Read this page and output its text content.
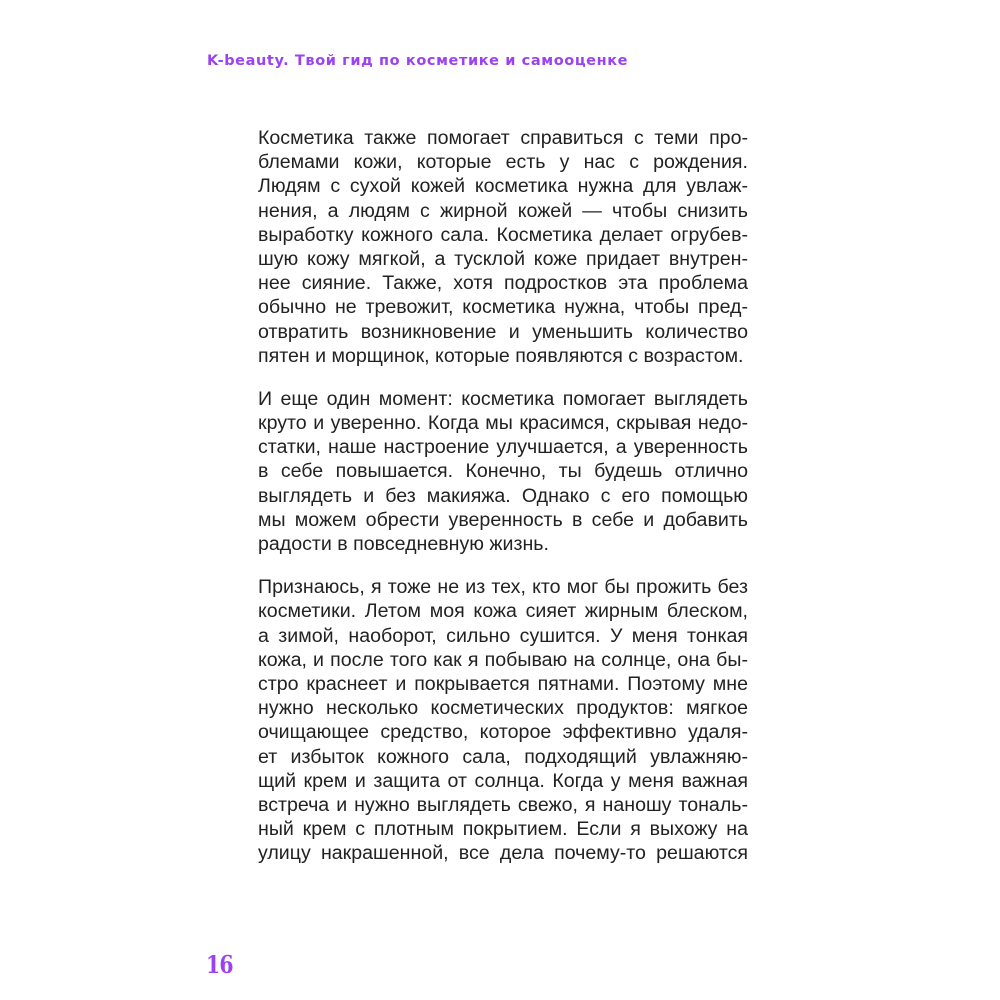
K-beauty. Твой гид по косметике и самооценке
Косметика также помогает справиться с теми про-
блемами кожи, которые есть у нас с рождения.
Людям с сухой кожей косметика нужна для увлаж-
нения, а людям с жирной кожей — чтобы снизить
выработку кожного сала. Косметика делает огрубев-
шую кожу мягкой, а тусклой коже придает внутрен-
нее сияние. Также, хотя подростков эта проблема
обычно не тревожит, косметика нужна, чтобы пред-
отвратить возникновение и уменьшить количество
пятен и морщинок, которые появляются с возрастом.
И еще один момент: косметика помогает выглядеть
круто и уверенно. Когда мы красимся, скрывая недо-
статки, наше настроение улучшается, а уверенность
в себе повышается. Конечно, ты будешь отлично
выглядеть и без макияжа. Однако с его помощью
мы можем обрести уверенность в себе и добавить
радости в повседневную жизнь.
Признаюсь, я тоже не из тех, кто мог бы прожить без
косметики. Летом моя кожа сияет жирным блеском,
а зимой, наоборот, сильно сушится. У меня тонкая
кожа, и после того как я побываю на солнце, она бы-
стро краснеет и покрывается пятнами. Поэтому мне
нужно несколько косметических продуктов: мягкое
очищающее средство, которое эффективно удаля-
ет избыток кожного сала, подходящий увлажняю-
щий крем и защита от солнца. Когда у меня важная
встреча и нужно выглядеть свежо, я наношу тональ-
ный крем с плотным покрытием. Если я выхожу на
улицу накрашенной, все дела почему-то решаются
16
